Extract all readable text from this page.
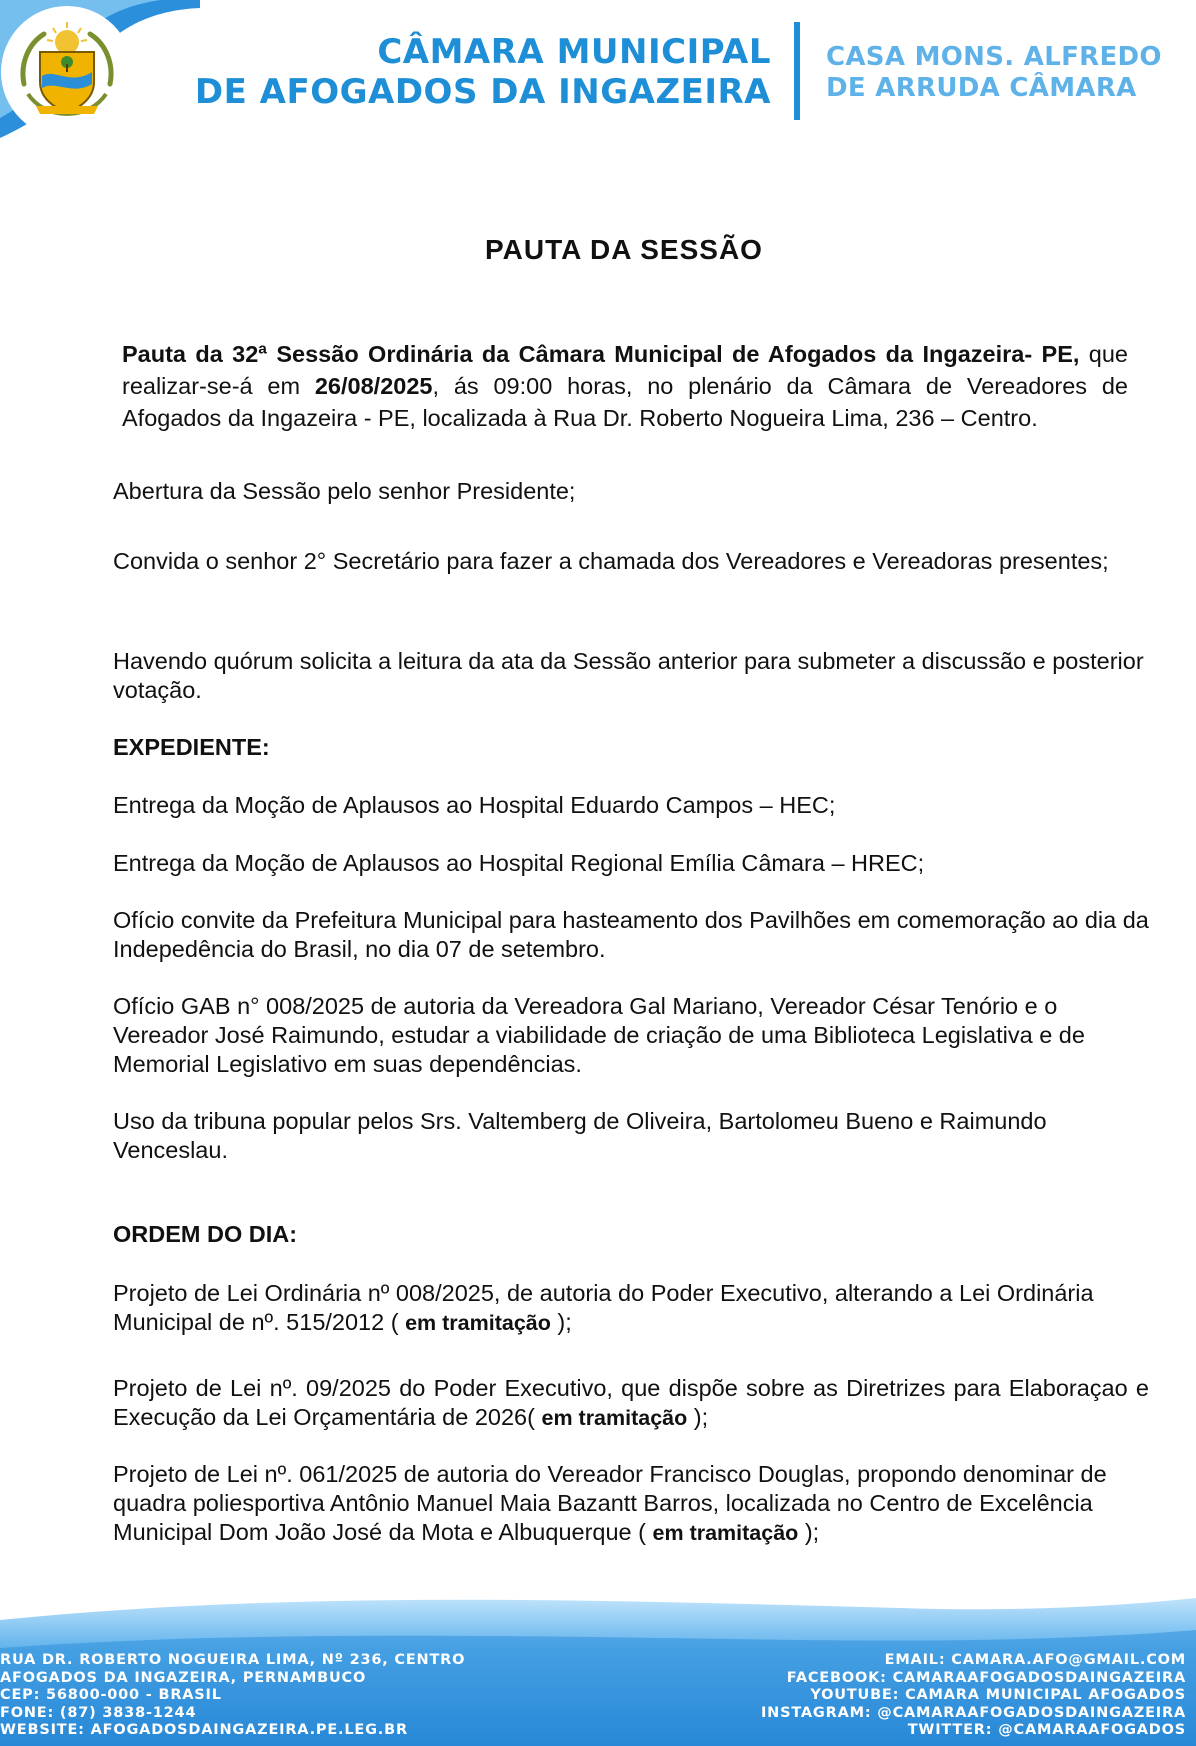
CÂMARA MUNICIPAL
DE AFOGADOS DA INGAZEIRA
CASA MONS. ALFREDO
DE ARRUDA CÂMARA
PAUTA DA SESSÃO
Pauta da 32ª Sessão Ordinária da Câmara Municipal de Afogados da Ingazeira- PE, que realizar-se-á em 26/08/2025, ás 09:00 horas, no plenário da Câmara de Vereadores de Afogados da Ingazeira - PE, localizada à Rua Dr. Roberto Nogueira Lima, 236 – Centro.

Abertura da Sessão pelo senhor Presidente;

Convida o senhor 2° Secretário para fazer a chamada dos Vereadores e Vereadoras presentes;

Havendo quórum solicita a leitura da ata da Sessão anterior para submeter a discussão e posterior votação.

EXPEDIENTE:

Entrega da Moção de Aplausos ao Hospital Eduardo Campos – HEC;

Entrega da Moção de Aplausos ao Hospital Regional Emília Câmara – HREC;

Ofício convite da Prefeitura Municipal para hasteamento dos Pavilhões em comemoração ao dia da Indepedência do Brasil, no dia 07 de setembro.

Ofício GAB n° 008/2025 de autoria da Vereadora Gal Mariano, Vereador César Tenório e o Vereador José Raimundo, estudar a viabilidade de criação de uma Biblioteca Legislativa e de Memorial Legislativo em suas dependências.

Uso da tribuna popular pelos Srs. Valtemberg de Oliveira, Bartolomeu Bueno e Raimundo Venceslau.

ORDEM DO DIA:

Projeto de Lei Ordinária nº 008/2025, de autoria do Poder Executivo, alterando a Lei Ordinária Municipal de nº. 515/2012 ( em tramitação );

Projeto de Lei nº. 09/2025 do Poder Executivo, que dispõe sobre as Diretrizes para Elaboraçao e Execução da Lei Orçamentária de 2026( em tramitação );

Projeto de Lei nº. 061/2025 de autoria do Vereador Francisco Douglas, propondo denominar de quadra poliesportiva Antônio Manuel Maia Bazantt Barros, localizada no Centro de Excelência Municipal Dom João José da Mota e Albuquerque ( em tramitação );

RUA DR. ROBERTO NOGUEIRA LIMA, Nº 236, CENTRO
AFOGADOS DA INGAZEIRA, PERNAMBUCO
CEP: 56800-000 - BRASIL
FONE: (87) 3838-1244
WEBSITE: AFOGADOSDAINGAZEIRA.PE.LEG.BR
EMAIL: CAMARA.AFO@GMAIL.COM
FACEBOOK: CAMARAAFOGADOSDAINGAZEIRA
YOUTUBE: CAMARA MUNICIPAL AFOGADOS
INSTAGRAM: @CAMARAAFOGADOSDAINGAZEIRA
TWITTER: @CAMARAAFOGADOS
